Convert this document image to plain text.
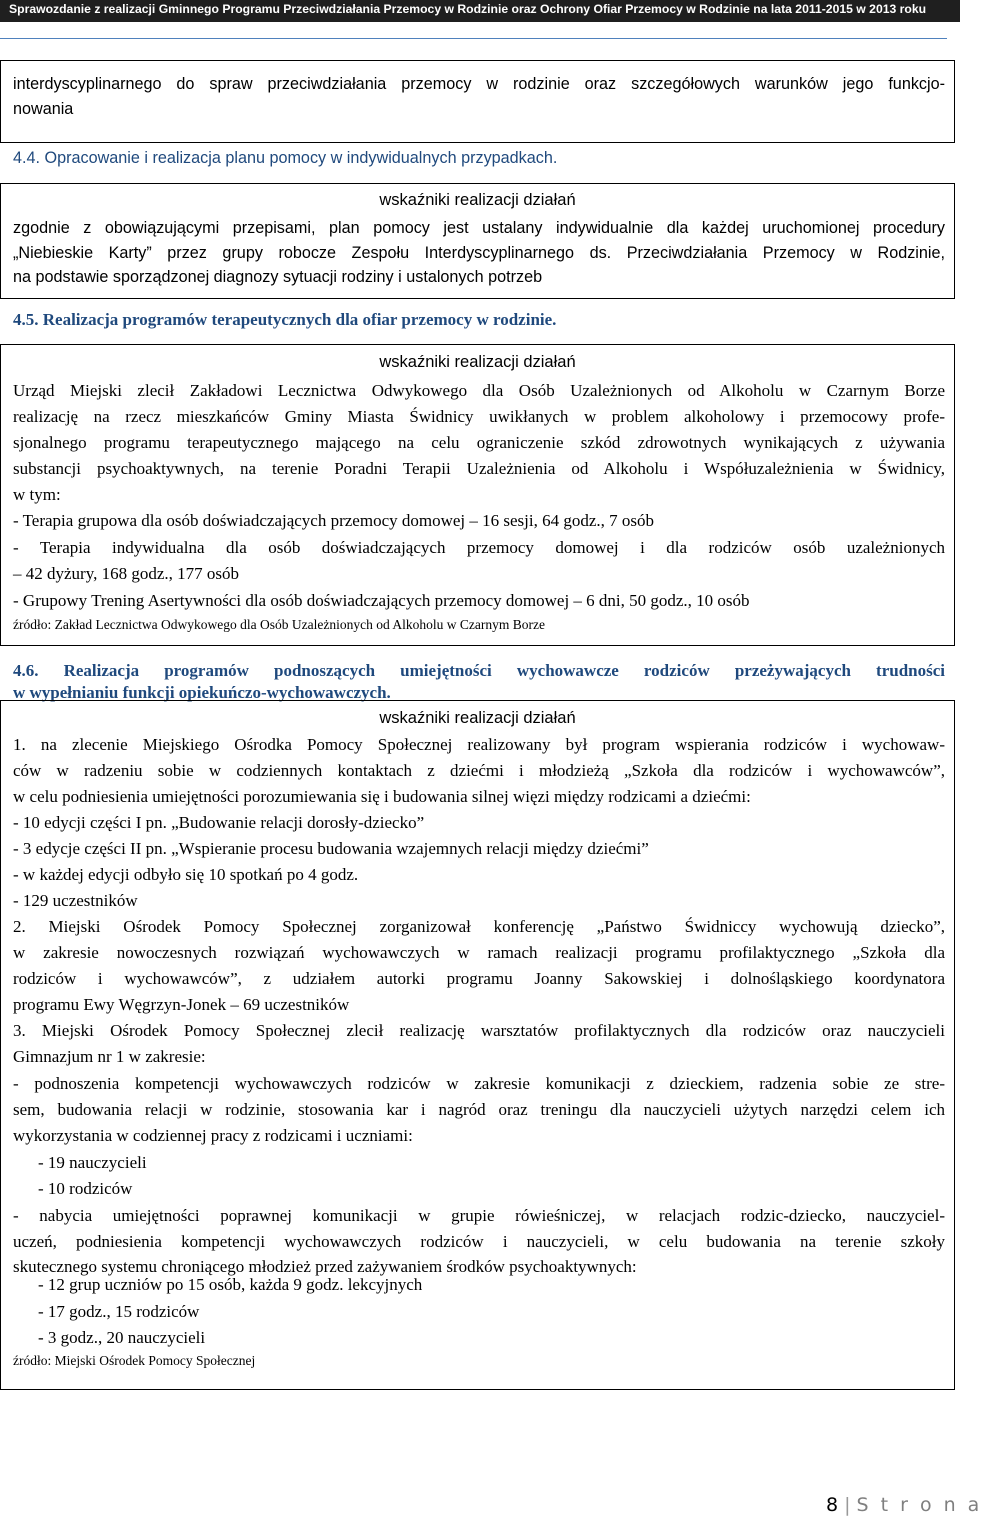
Sprawozdanie z realizacji Gminnego Programu Przeciwdziałania Przemocy w Rodzinie oraz Ochrony Ofiar Przemocy w Rodzinie na lata 2011-2015 w 2013 roku
interdyscyplinarnego do spraw przeciwdziałania przemocy w rodzinie oraz szczegółowych warunków jego funkcjo-
nowania
4.4. Opracowanie i realizacja planu pomocy w indywidualnych przypadkach.
wskaźniki realizacji działań
zgodnie z obowiązującymi przepisami, plan pomocy jest ustalany indywidualnie dla każdej uruchomionej procedury
„Niebieskie Karty” przez grupy robocze Zespołu Interdyscyplinarnego ds. Przeciwdziałania Przemocy w Rodzinie,
na podstawie sporządzonej diagnozy sytuacji rodziny i ustalonych potrzeb
4.5. Realizacja programów terapeutycznych dla ofiar przemocy w rodzinie.
wskaźniki realizacji działań
Urząd Miejski zlecił Zakładowi Lecznictwa Odwykowego dla Osób Uzależnionych od Alkoholu w Czarnym Borze
realizację na rzecz mieszkańców Gminy Miasta Świdnicy uwikłanych w problem alkoholowy i przemocowy profe-
sjonalnego programu terapeutycznego mającego na celu ograniczenie szkód zdrowotnych wynikających z używania
substancji psychoaktywnych, na terenie Poradni Terapii Uzależnienia od Alkoholu i Współuzależnienia w Świdnicy,
w tym:
- Terapia grupowa dla osób doświadczających przemocy domowej – 16 sesji, 64 godz., 7 osób
- Terapia indywidualna dla osób doświadczających przemocy domowej i dla rodziców osób uzależnionych
– 42 dyżury, 168 godz., 177 osób
- Grupowy Trening Asertywności dla osób doświadczających przemocy domowej – 6 dni, 50 godz., 10 osób
źródło: Zakład Lecznictwa Odwykowego dla Osób Uzależnionych od Alkoholu w Czarnym Borze
4.6. Realizacja programów podnoszących umiejętności wychowawcze rodziców przeżywających trudności
w wypełnianiu funkcji opiekuńczo-wychowawczych.
wskaźniki realizacji działań
1. na zlecenie Miejskiego Ośrodka Pomocy Społecznej realizowany był program wspierania rodziców i wychowaw-
ców w radzeniu sobie w codziennych kontaktach z dziećmi i młodzieżą „Szkoła dla rodziców i wychowawców”,
w celu podniesienia umiejętności porozumiewania się i budowania silnej więzi między rodzicami a dziećmi:
- 10 edycji części I pn. „Budowanie relacji dorosły-dziecko”
- 3 edycje części II pn. „Wspieranie procesu budowania wzajemnych relacji między dziećmi”
- w każdej edycji odbyło się 10 spotkań po 4 godz.
- 129 uczestników
2. Miejski Ośrodek Pomocy Społecznej zorganizował konferencję „Państwo Świdniccy wychowują dziecko”,
w zakresie nowoczesnych rozwiązań wychowawczych w ramach realizacji programu profilaktycznego „Szkoła dla
rodziców i wychowawców”, z udziałem autorki programu Joanny Sakowskiej i dolnośląskiego koordynatora
programu Ewy Węgrzyn-Jonek – 69 uczestników
3. Miejski Ośrodek Pomocy Społecznej zlecił realizację warsztatów profilaktycznych dla rodziców oraz nauczycieli
Gimnazjum nr 1 w zakresie:
- podnoszenia kompetencji wychowawczych rodziców w zakresie komunikacji z dzieckiem, radzenia sobie ze stre-
sem, budowania relacji w rodzinie, stosowania kar i nagród oraz treningu dla nauczycieli użytych narzędzi celem ich
wykorzystania w codziennej pracy z rodzicami i uczniami:
- 19 nauczycieli
- 10 rodziców
- nabycia umiejętności poprawnej komunikacji w grupie rówieśniczej, w relacjach rodzic-dziecko, nauczyciel-
uczeń, podniesienia kompetencji wychowawczych rodziców i nauczycieli, w celu budowania na terenie szkoły
skutecznego systemu chroniącego młodzież przed zażywaniem środków psychoaktywnych:
- 12 grup uczniów po 15 osób, każda 9 godz. lekcyjnych
- 17 godz., 15 rodziców
- 3 godz., 20 nauczycieli
źródło: Miejski Ośrodek Pomocy Społecznej
8 | S t r o n a
